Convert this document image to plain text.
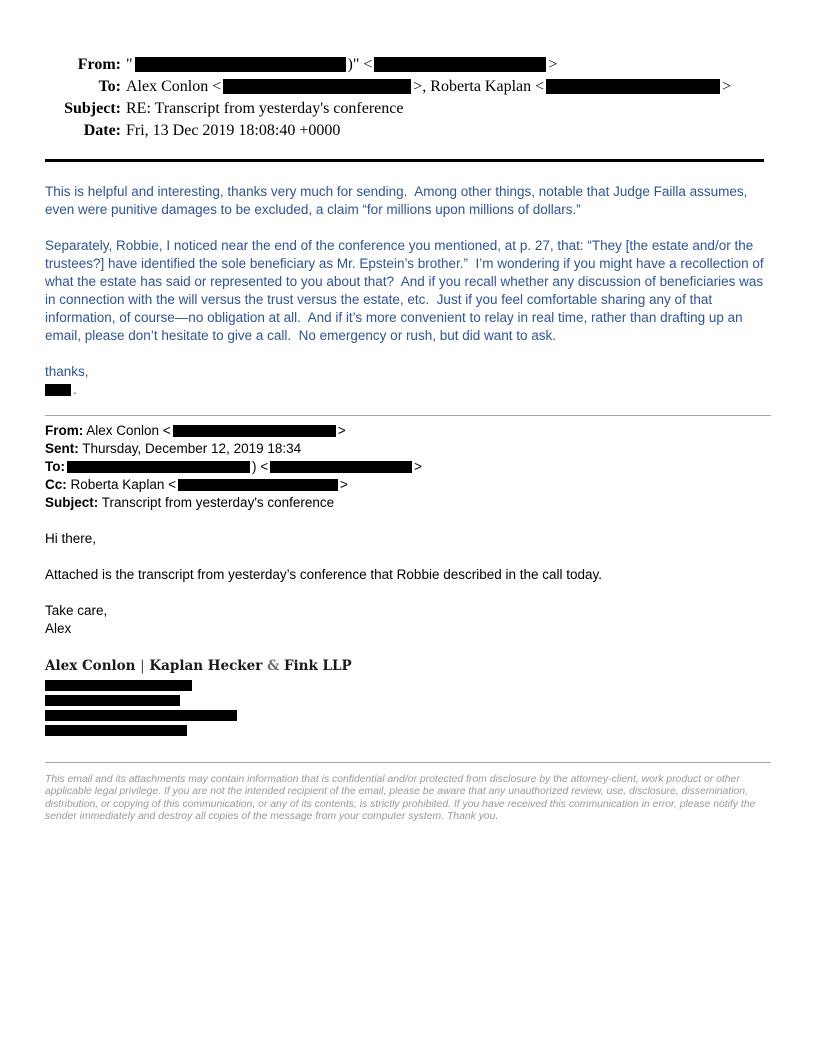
From: "	)" <	>
To: Alex Conlon <	>, Roberta Kaplan <	>
Subject: RE: Transcript from yesterday's conference
Date: Fri, 13 Dec 2019 18:08:40 +0000

This is helpful and interesting, thanks very much for sending.  Among other things, notable that Judge Failla assumes, even were punitive damages to be excluded, a claim “for millions upon millions of dollars.”

Separately, Robbie, I noticed near the end of the conference you mentioned, at p. 27, that: “They [the estate and/or the trustees?] have identified the sole beneficiary as Mr. Epstein’s brother.”  I’m wondering if you might have a recollection of what the estate has said or represented to you about that?  And if you recall whether any discussion of beneficiaries was in connection with the will versus the trust versus the estate, etc.  Just if you feel comfortable sharing any of that information, of course—no obligation at all.  And if it’s more convenient to relay in real time, rather than drafting up an email, please don’t hesitate to give a call.  No emergency or rush, but did want to ask.

thanks,

.

From: Alex Conlon <	>
Sent: Thursday, December 12, 2019 18:34
To:	) <	>
Cc: Roberta Kaplan <	>
Subject: Transcript from yesterday's conference

Hi there,

Attached is the transcript from yesterday’s conference that Robbie described in the call today.

Take care,

Alex

Alex Conlon | Kaplan Hecker & Fink LLP

This email and its attachments may contain information that is confidential and/or protected from disclosure by the attorney-client, work product or other applicable legal privilege. If you are not the intended recipient of the email, please be aware that any unauthorized review, use, disclosure, dissemination, distribution, or copying of this communication, or any of its contents, is strictly prohibited. If you have received this communication in error, please notify the sender immediately and destroy all copies of the message from your computer system. Thank you.
